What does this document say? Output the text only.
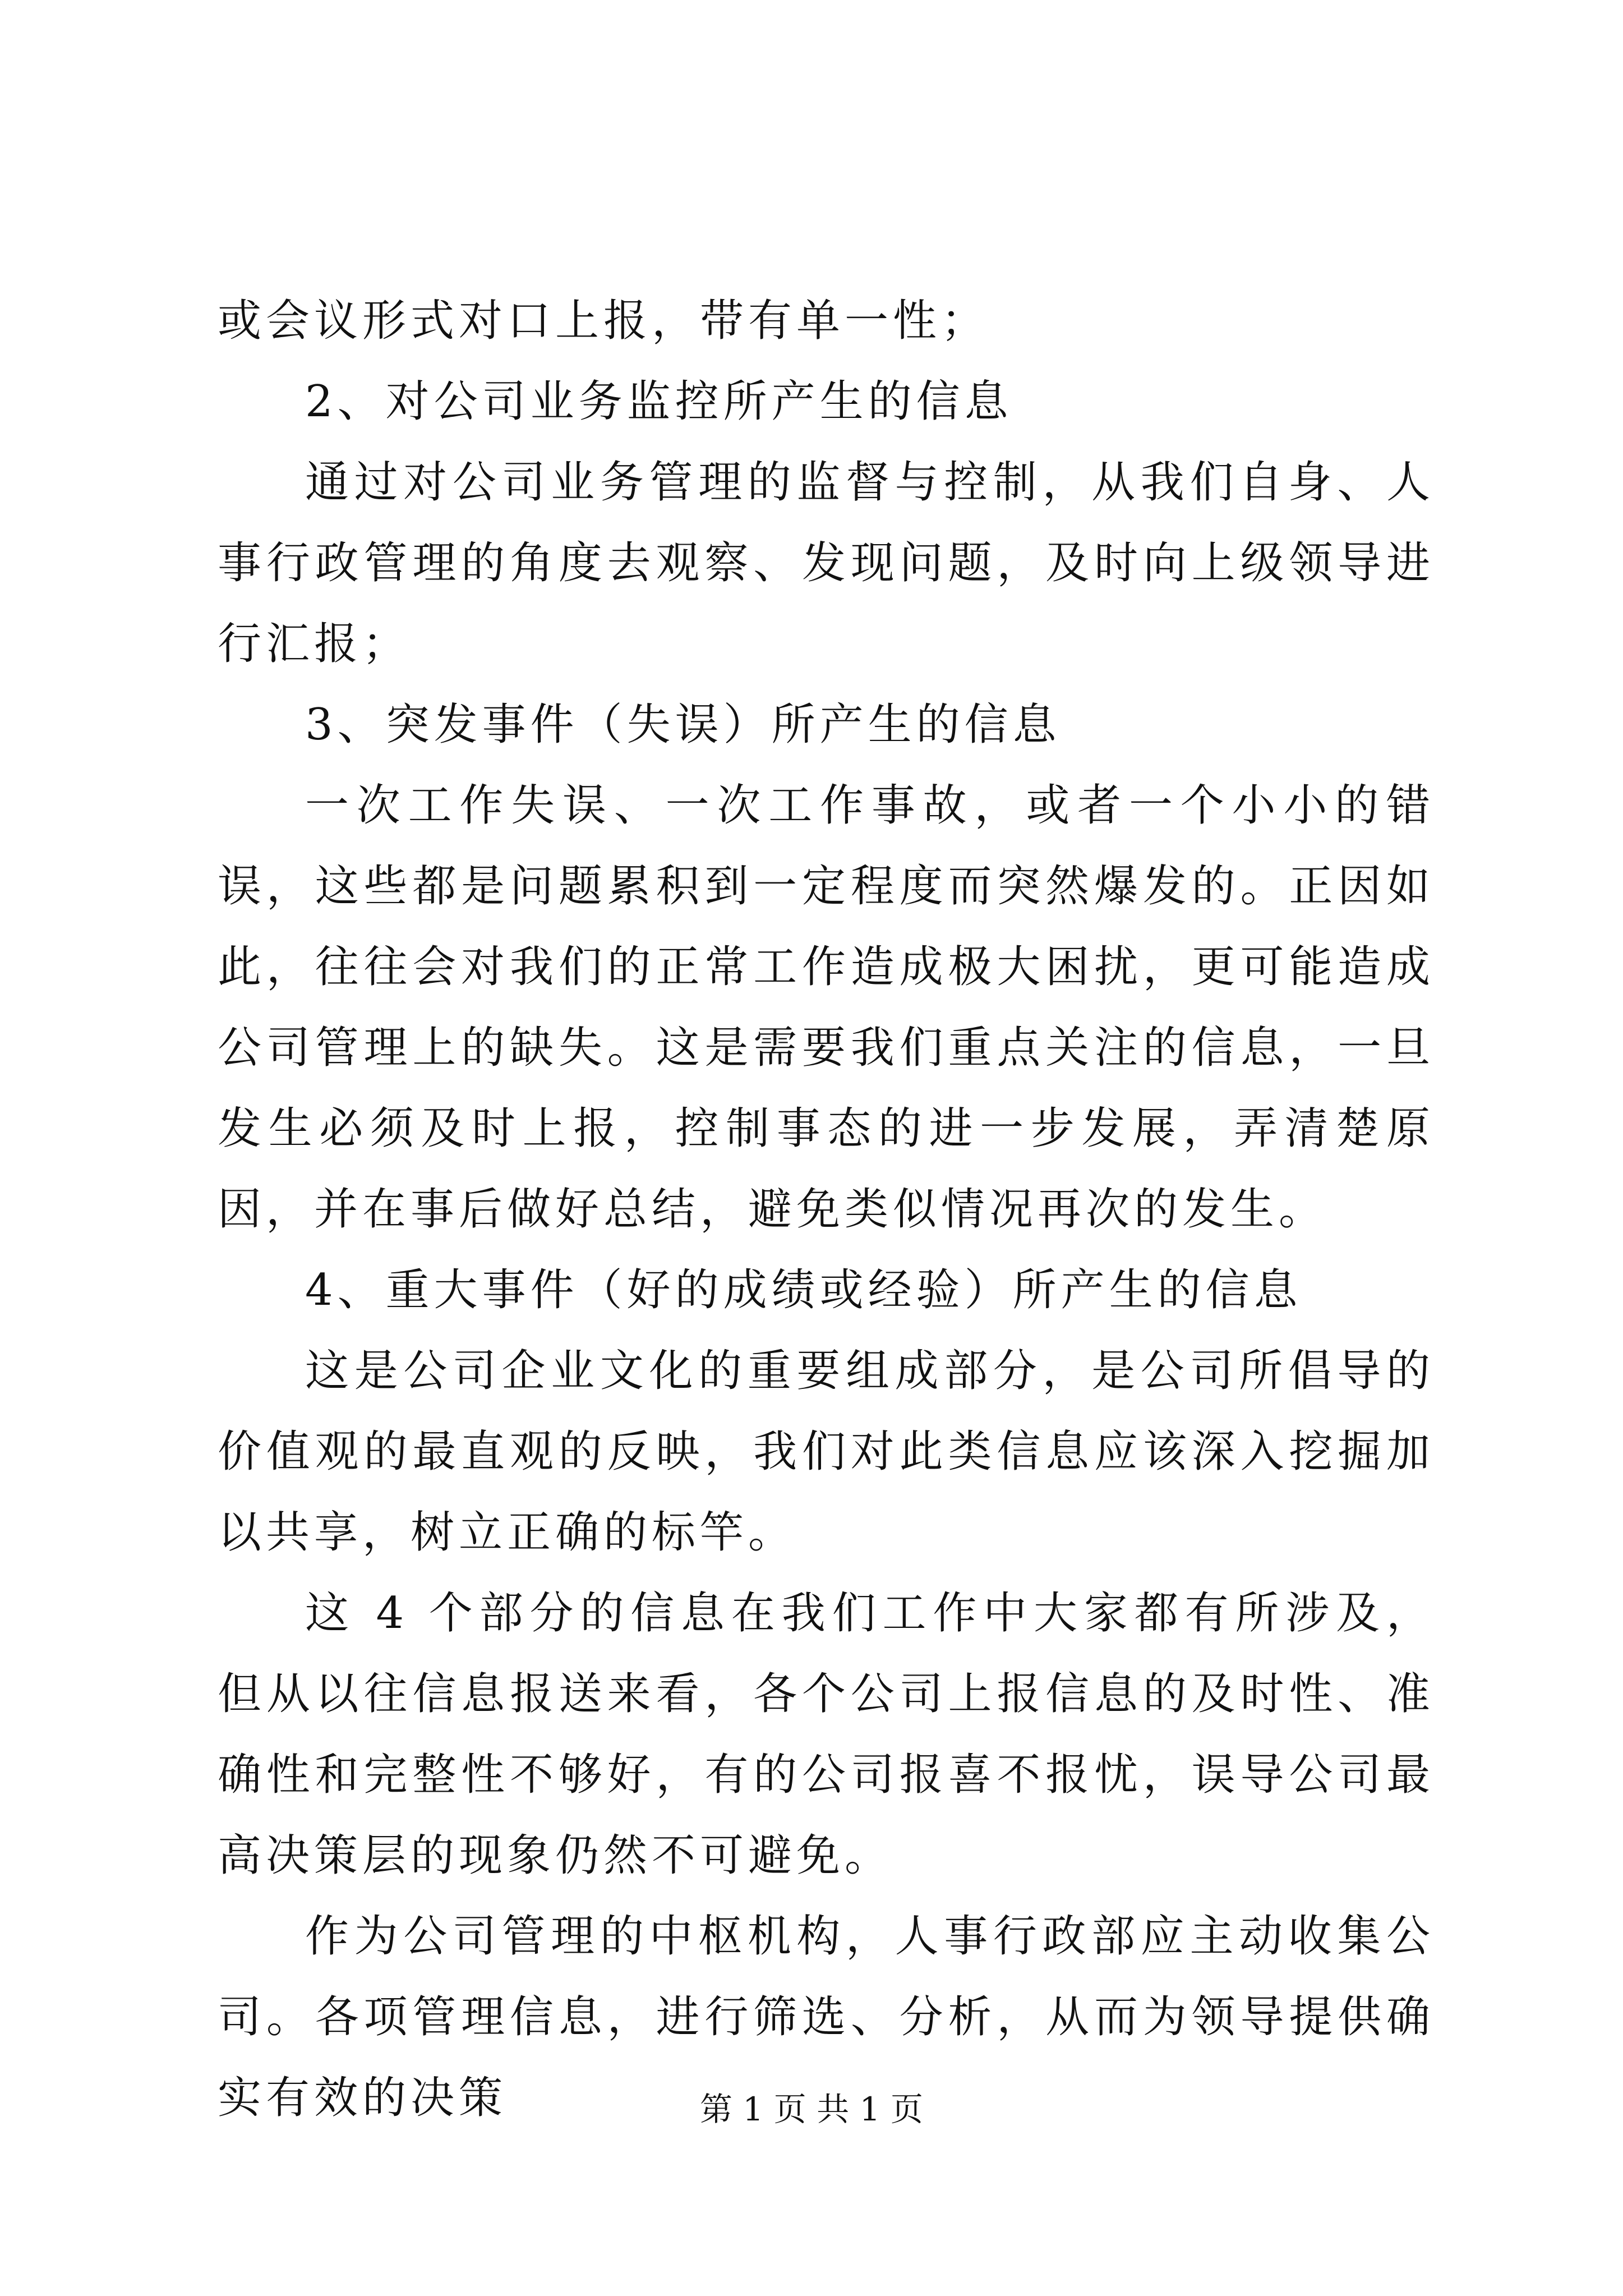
或会议形式对口上报，带有单一性；

2、对公司业务监控所产生的信息

通过对公司业务管理的监督与控制，从我们自身、人事行政管理的角度去观察、发现问题，及时向上级领导进行汇报；

3、突发事件（失误）所产生的信息

一次工作失误、一次工作事故，或者一个小小的错误，这些都是问题累积到一定程度而突然爆发的。正因如此，往往会对我们的正常工作造成极大困扰，更可能造成公司管理上的缺失。这是需要我们重点关注的信息，一旦发生必须及时上报，控制事态的进一步发展，弄清楚原因，并在事后做好总结，避免类似情况再次的发生。

4、重大事件（好的成绩或经验）所产生的信息

这是公司企业文化的重要组成部分，是公司所倡导的价值观的最直观的反映，我们对此类信息应该深入挖掘加以共享，树立正确的标竿。

这 4 个部分的信息在我们工作中大家都有所涉及，但从以往信息报送来看，各个公司上报信息的及时性、准确性和完整性不够好，有的公司报喜不报忧，误导公司最高决策层的现象仍然不可避免。

作为公司管理的中枢机构，人事行政部应主动收集公司。各项管理信息，进行筛选、分析，从而为领导提供确实有效的决策	第 1 页 共 1 页
